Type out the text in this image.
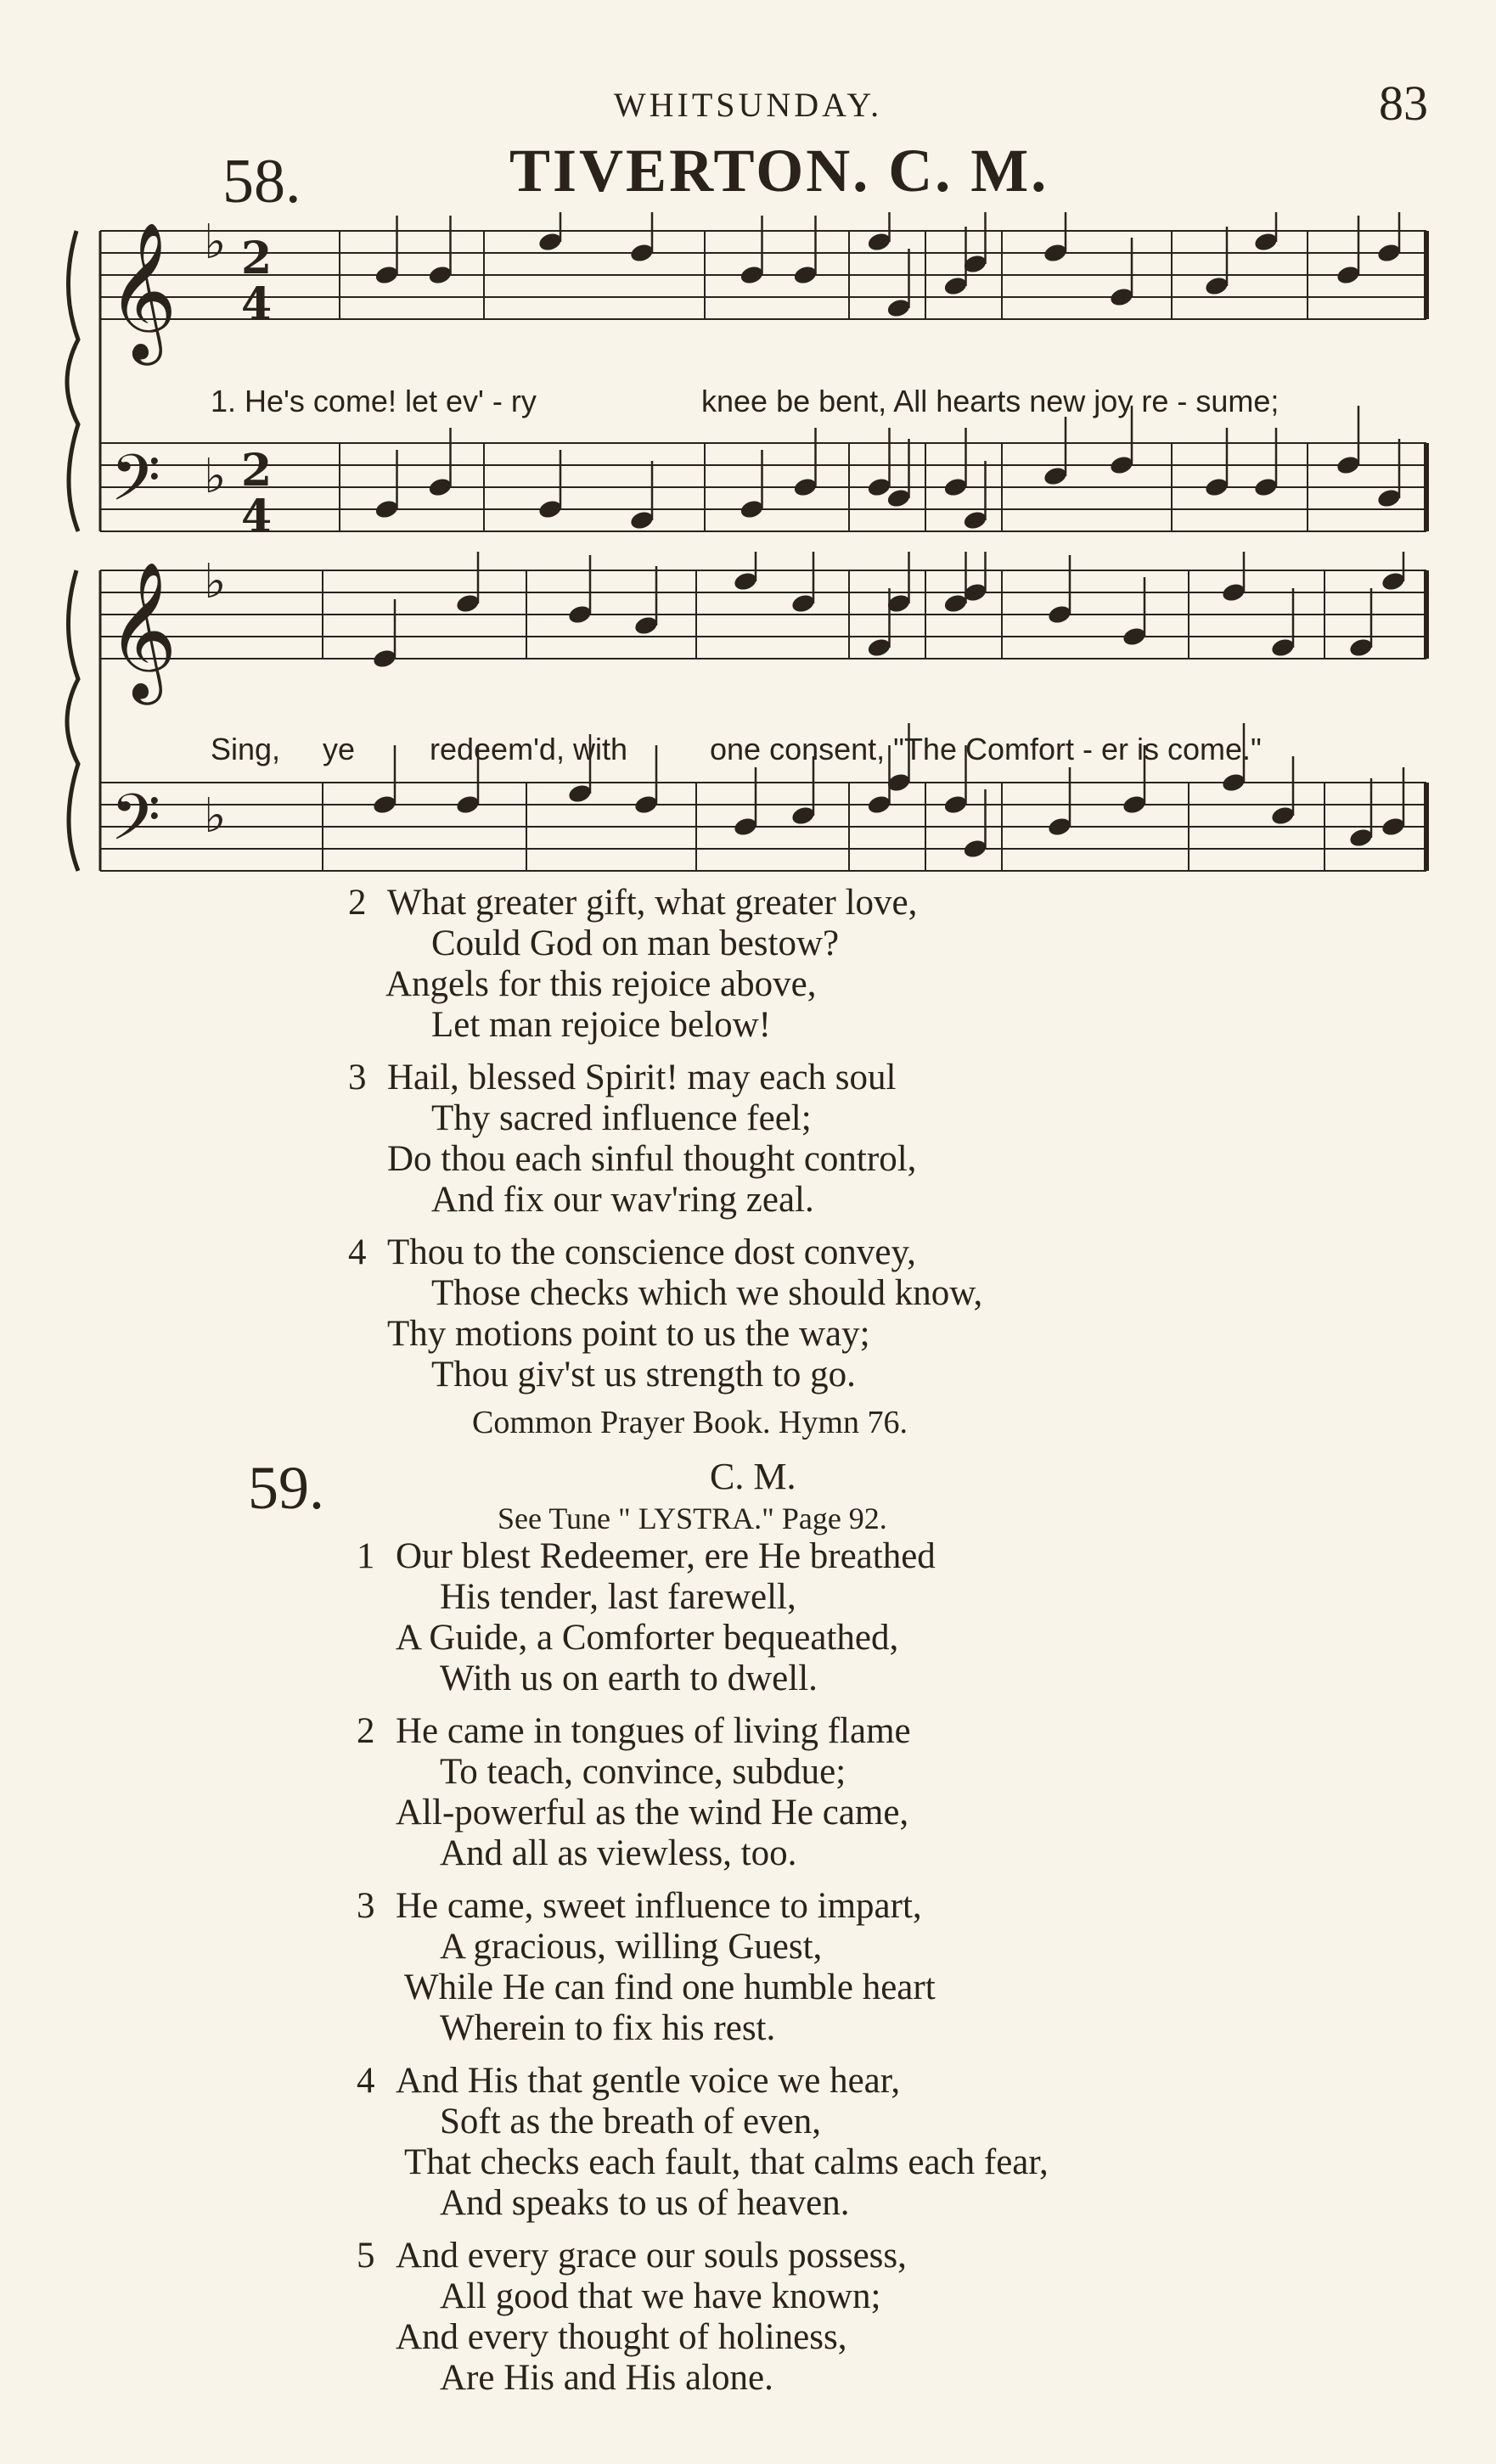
WHITSUNDAY.	83
58.	TIVERTON. C. M.
𝄞 ♭ 2
4
𝄢 ♭ 2
4
1. He's come! let ev' - ry	knee be bent, All hearts new joy re - sume;
𝄞 ♭
𝄢 ♭
Sing, ye redeem'd, with	one consent, "The Comfort - er is come."
2 What greater gift, what greater love,
Could God on man bestow?
Angels for this rejoice above,
Let man rejoice below!
3 Hail, blessed Spirit! may each soul
Thy sacred influence feel;
Do thou each sinful thought control,
And fix our wav'ring zeal.
4 Thou to the conscience dost convey,
Those checks which we should know,
Thy motions point to us the way;
Thou giv'st us strength to go.
Common Prayer Book. Hymn 76.
59.	C. M.
See Tune " LYSTRA." Page 92.
1 Our blest Redeemer, ere He breathed
His tender, last farewell,
A Guide, a Comforter bequeathed,
With us on earth to dwell.
2 He came in tongues of living flame
To teach, convince, subdue;
All-powerful as the wind He came,
And all as viewless, too.
3 He came, sweet influence to impart,
A gracious, willing Guest,
While He can find one humble heart
Wherein to fix his rest.
4 And His that gentle voice we hear,
Soft as the breath of even,
That checks each fault, that calms each fear,
And speaks to us of heaven.
5 And every grace our souls possess,
All good that we have known;
And every thought of holiness,
Are His and His alone.
